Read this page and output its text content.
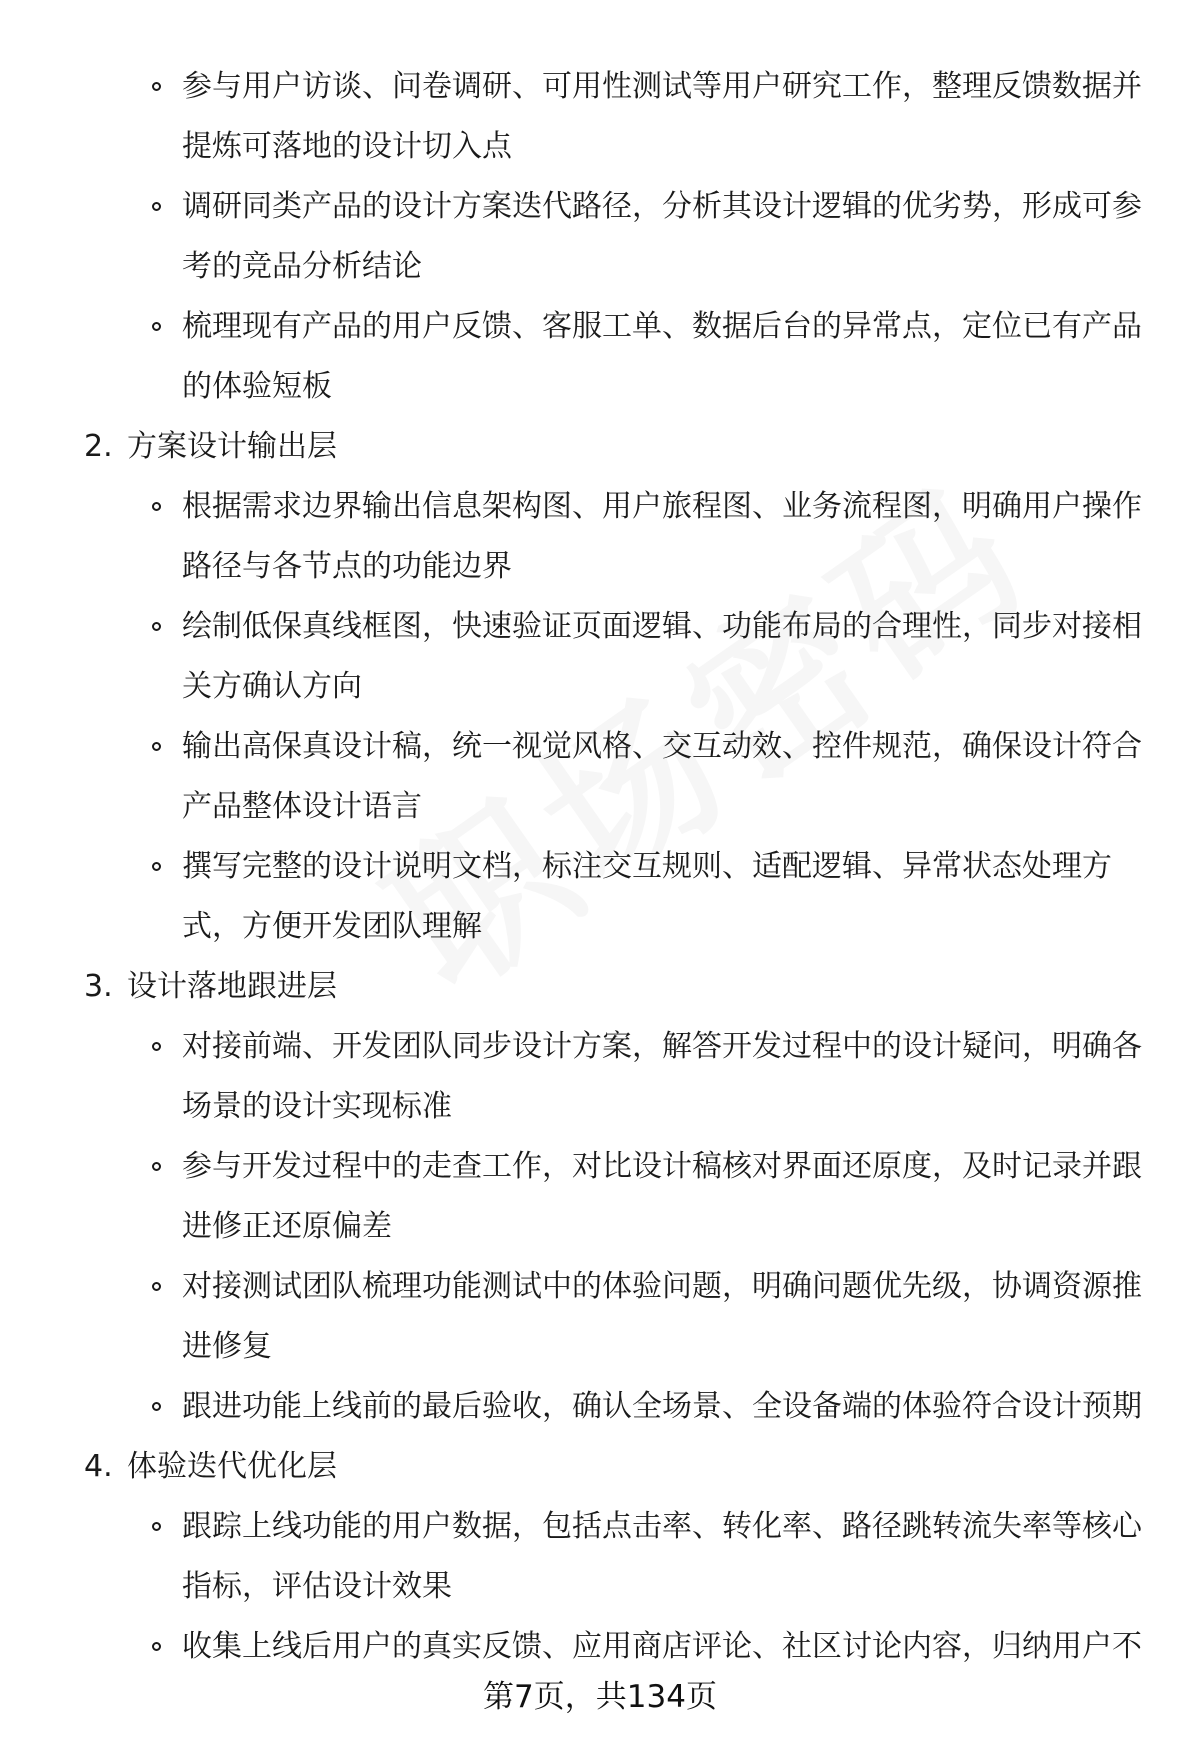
参与用户访谈、问卷调研、可用性测试等用户研究工作，整理反馈数据并
提炼可落地的设计切入点
调研同类产品的设计方案迭代路径，分析其设计逻辑的优劣势，形成可参
考的竞品分析结论
梳理现有产品的用户反馈、客服工单、数据后台的异常点，定位已有产品
的体验短板
2. 方案设计输出层
根据需求边界输出信息架构图、用户旅程图、业务流程图，明确用户操作
路径与各节点的功能边界
绘制低保真线框图，快速验证页面逻辑、功能布局的合理性，同步对接相
关方确认方向
输出高保真设计稿，统一视觉风格、交互动效、控件规范，确保设计符合
产品整体设计语言
撰写完整的设计说明文档，标注交互规则、适配逻辑、异常状态处理方
式，方便开发团队理解
3. 设计落地跟进层
对接前端、开发团队同步设计方案，解答开发过程中的设计疑问，明确各
场景的设计实现标准
参与开发过程中的走查工作，对比设计稿核对界面还原度，及时记录并跟
进修正还原偏差
对接测试团队梳理功能测试中的体验问题，明确问题优先级，协调资源推
进修复
跟进功能上线前的最后验收，确认全场景、全设备端的体验符合设计预期
4. 体验迭代优化层
跟踪上线功能的用户数据，包括点击率、转化率、路径跳转流失率等核心
指标，评估设计效果
收集上线后用户的真实反馈、应用商店评论、社区讨论内容，归纳用户不
第7页，共134页
